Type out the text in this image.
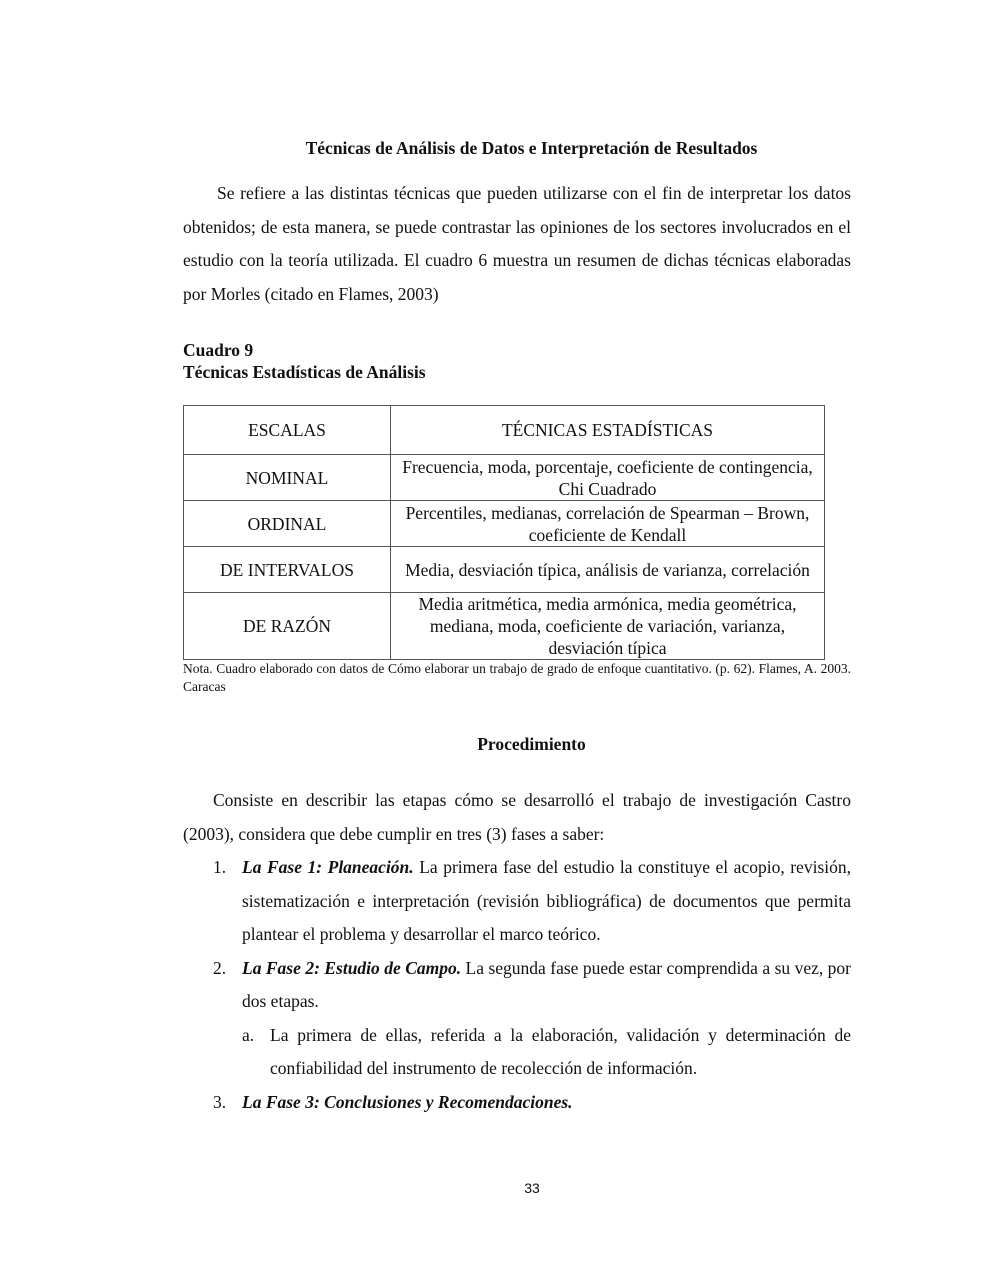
Técnicas de Análisis de Datos e Interpretación de Resultados

Se refiere a las distintas técnicas que pueden utilizarse con el fin de interpretar los datos obtenidos; de esta manera, se puede contrastar las opiniones de los sectores involucrados en el estudio con la teoría utilizada. El cuadro 6 muestra un resumen de dichas técnicas elaboradas por Morles (citado en Flames, 2003)

Cuadro 9
Técnicas Estadísticas de Análisis
ESCALAS	TÉCNICAS ESTADÍSTICAS
NOMINAL	Frecuencia, moda, porcentaje, coeficiente de contingencia, Chi Cuadrado
ORDINAL	Percentiles, medianas, correlación de Spearman – Brown, coeficiente de Kendall
DE INTERVALOS	Media, desviación típica, análisis de varianza, correlación
DE RAZÓN	Media aritmética, media armónica, media geométrica, mediana, moda, coeficiente de variación, varianza, desviación típica
Nota. Cuadro elaborado con datos de Cómo elaborar un trabajo de grado de enfoque cuantitativo. (p. 62). Flames, A. 2003. Caracas
Procedimiento

Consiste en describir las etapas cómo se desarrolló el trabajo de investigación Castro (2003), considera que debe cumplir en tres (3) fases a saber:

1. La Fase 1: Planeación. La primera fase del estudio la constituye el acopio, revisión, sistematización e interpretación (revisión bibliográfica) de documentos que permita plantear el problema y desarrollar el marco teórico.
2. La Fase 2: Estudio de Campo. La segunda fase puede estar comprendida a su vez, por dos etapas.
a. La primera de ellas, referida a la elaboración, validación y determinación de confiabilidad del instrumento de recolección de información.
3. La Fase 3: Conclusiones y Recomendaciones.
33
